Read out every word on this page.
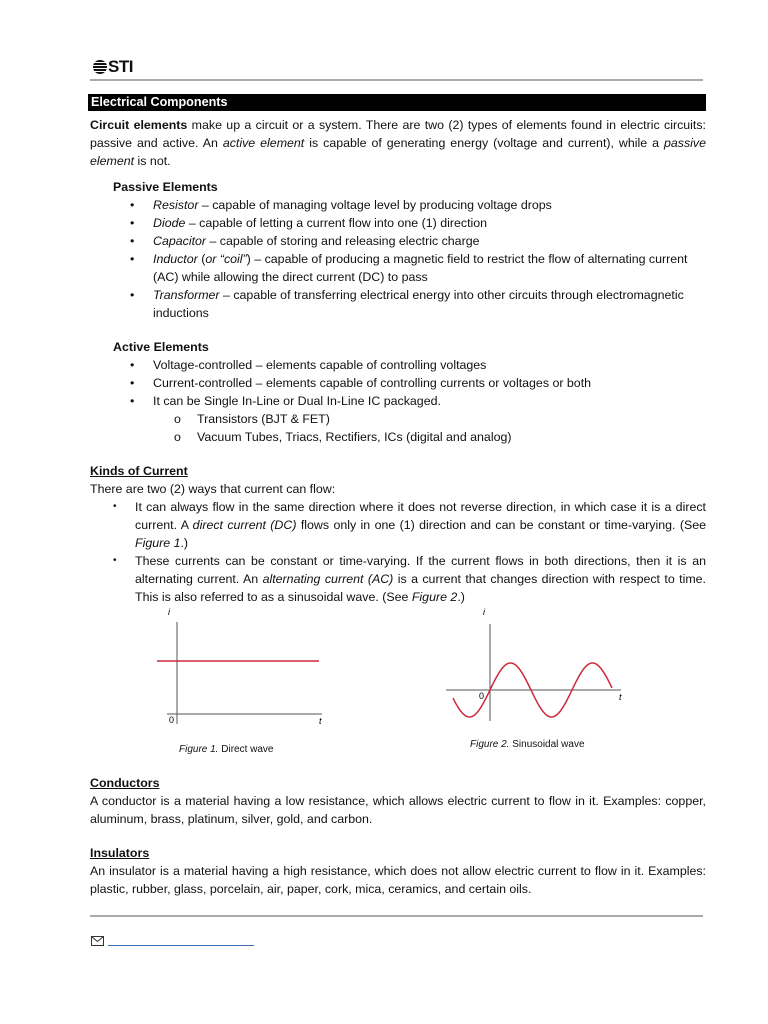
STI
Electrical Components

Circuit elements make up a circuit or a system. There are two (2) types of elements found in electric circuits: passive and active. An active element is capable of generating energy (voltage and current), while a passive element is not.

Passive Elements

• Resistor – capable of managing voltage level by producing voltage drops
• Diode – capable of letting a current flow into one (1) direction
• Capacitor – capable of storing and releasing electric charge
• Inductor (or “coil”) – capable of producing a magnetic field to restrict the flow of alternating current (AC) while allowing the direct current (DC) to pass
• Transformer – capable of transferring electrical energy into other circuits through electromagnetic inductions

Active Elements

• Voltage-controlled – elements capable of controlling voltages
• Current-controlled – elements capable of controlling currents or voltages or both
• It can be Single In-Line or Dual In-Line IC packaged.
o Transistors (BJT & FET)
o Vacuum Tubes, Triacs, Rectifiers, ICs (digital and analog)

Kinds of Current

There are two (2) ways that current can flow:

• It can always flow in the same direction where it does not reverse direction, in which case it is a direct current. A direct current (DC) flows only in one (1) direction and can be constant or time-varying. (See Figure 1.)
• These currents can be constant or time-varying. If the current flows in both directions, then it is an alternating current. An alternating current (AC) is a current that changes direction with respect to time. This is also referred to as a sinusoidal wave. (See Figure 2.)
i
0	t
i
0	t
Figure 1. Direct wave	Figure 2. Sinusoidal wave

Conductors

A conductor is a material having a low resistance, which allows electric current to flow in it. Examples: copper, aluminum, brass, platinum, silver, gold, and carbon.

Insulators

An insulator is a material having a high resistance, which does not allow electric current to flow in it. Examples: plastic, rubber, glass, porcelain, air, paper, cork, mica, ceramics, and certain oils.
